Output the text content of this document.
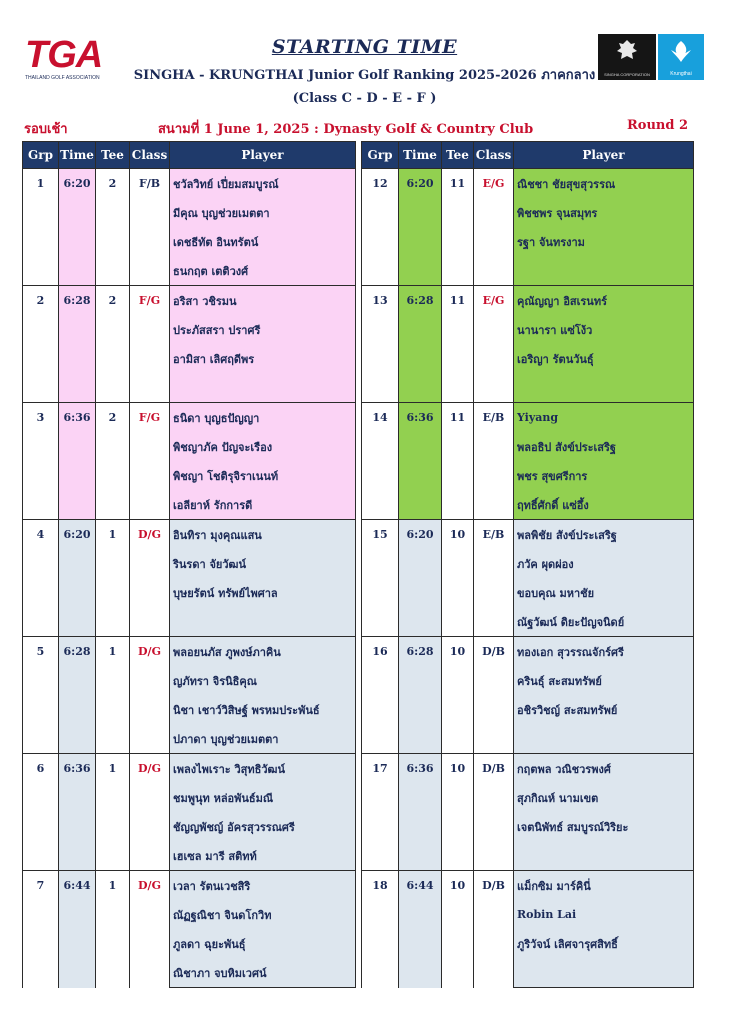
TGA
THAILAND GOLF ASSOCIATION
STARTING TIME
SINGHA - KRUNGTHAI Junior Golf Ranking 2025-2026 ภาคกลาง
(Class C - D - E - F )
SINGHA CORPORATION	Krungthai
รอบเช้า	สนามที่ 1 June 1, 2025 : Dynasty Golf & Country Club	Round 2
Grp	Time	Tee	Class	Player
1	6:20	2	F/B	ชวัลวิทย์ เปี่ยมสมบูรณ์
				มีคุณ บุญช่วยเมตตา
				เดชธีทัต อินทรัตน์
				ธนกฤต เตติวงศ์
2	6:28	2	F/G	อริสา วชิรมน
				ประภัสสรา ปราศรี
				อามิสา เลิศฤดีพร

3	6:36	2	F/G	ธนิดา บุญธปัญญา
				พิชญาภัค ปัญจะเรือง
				พิชญา โชติรุจิราเนนท์
				เอลียาห์ รักการดี
4	6:20	1	D/G	อินทิรา มุงคุณแสน
				รินรดา จัยวัฒน์
				บุษยรัตน์ ทรัพย์ไพศาล

5	6:28	1	D/G	พลอยนภัส ภูพงษ์ภาคิน
				ญภัทรา จิรนิธิคุณ
				นิชา เชาว์วิสิษฐ์ พรหมประพันธ์
				ปภาดา บุญช่วยเมตตา
6	6:36	1	D/G	เพลงไพเราะ วิสุทธิวัฒน์
				ชมพูนุท หล่อพันธ์มณี
				ชัญญพัชญ์ อัครสุวรรณศรี
				เฮเซล มารี สติทท์
7	6:44	1	D/G	เวลา รัตนเวชสิริ
				ณัฏฐณิชา จินดโกวิท
				ภูลดา ฉุยะพันธุ์
				ณิชาภา จบหิมเวศน์
Grp	Time	Tee	Class	Player
12	6:20	11	E/G	ณิชชา ชัยสุขสุวรรณ
				พิชชพร จุนสมุทร
				รฐา จันทรงาม

13	6:28	11	E/G	คุณัญญา อิสเรนทร์
				นานารา แซ่โง้ว
				เอริญา รัตนวันธุ์

14	6:36	11	E/B	Yiyang
				พลอธิป สังข์ประเสริฐ
				พชร สุขศรีการ
				ฤทธิ์ศักดิ์ แซ่อึ้ง
15	6:20	10	E/B	พลพิชัย สังข์ประเสริฐ
				ภวัค ผุดผ่อง
				ขอบคุณ มหาชัย
				ณัฐวัฒน์ ดิยะปัญจนิดย์
16	6:28	10	D/B	ทองเอก สุวรรณจักร์ศรี
				ครินธุ์ สะสมทรัพย์
				อชิรวิชญ์ สะสมทรัพย์

17	6:36	10	D/B	กฤตพล วณิชวรพงศ์
				สุภกิณห์ นามเขต
				เจตนิพัทธ์ สมบูรณ์วิริยะ

18	6:44	10	D/B	แม็กซิม มาร์คินี่
				Robin Lai
				ภูริวัจน์ เลิศจารุศสิทธิ์
